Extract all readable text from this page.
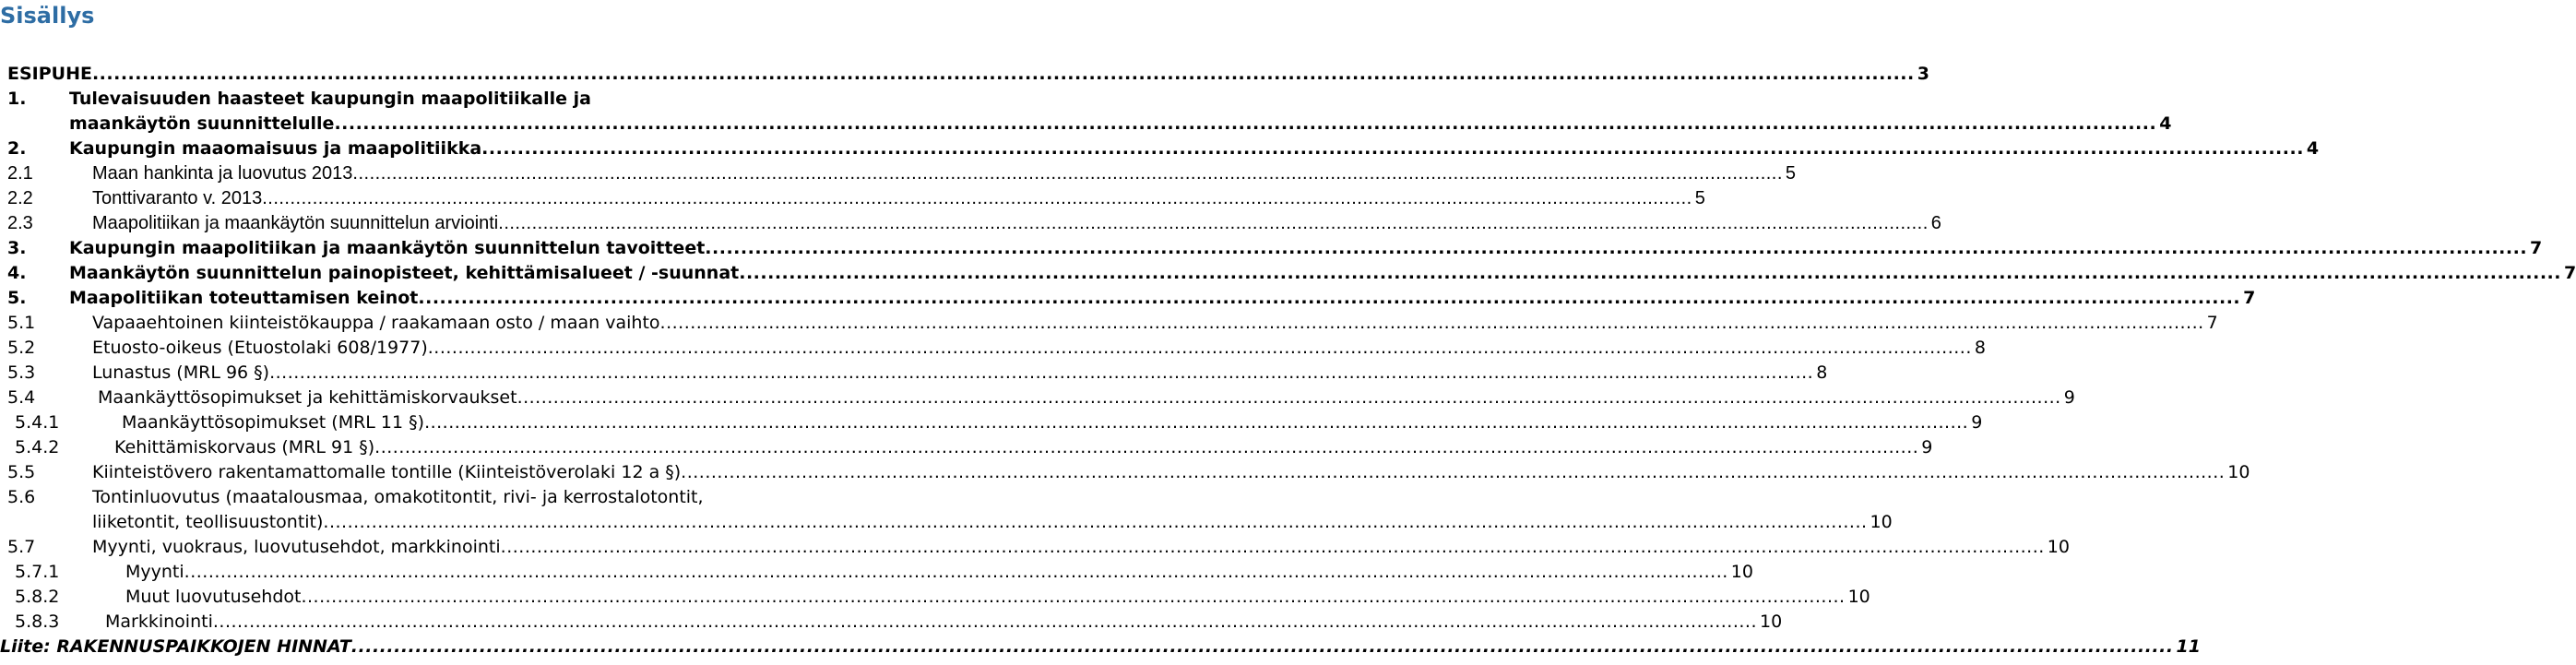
Sisällys
ESIPUHE ................................................................................................................................................................................................................................................................ 3
1. Tulevaisuuden haasteet kaupungin maapolitiikalle ja
maankäytön suunnittelulle ................................................................................................................................................................................................................................................................ 4
2. Kaupungin maaomaisuus ja maapolitiikka ................................................................................................................................................................................................................................................................ 4
2.1	Maan hankinta ja luovutus 2013 ................................................................................................................................................................................................................................................................ 5
2.2	Tonttivaranto v. 2013 ................................................................................................................................................................................................................................................................ 5
2.3	Maapolitiikan ja maankäytön suunnittelun arviointi ................................................................................................................................................................................................................................................................ 6
3. Kaupungin maapolitiikan ja maankäytön suunnittelun tavoitteet ................................................................................................................................................................................................................................................................ 7
4. Maankäytön suunnittelun painopisteet, kehittämisalueet / -suunnat ................................................................................................................................................................................................................................................................ 7
5. Maapolitiikan toteuttamisen keinot ................................................................................................................................................................................................................................................................ 7
5.1	Vapaaehtoinen kiinteistökauppa / raakamaan osto / maan vaihto ................................................................................................................................................................................................................................................................ 7
5.2	Etuosto-oikeus (Etuostolaki 608/1977) ................................................................................................................................................................................................................................................................ 8
5.3	Lunastus (MRL 96 §) ................................................................................................................................................................................................................................................................ 8
5.4	Maankäyttösopimukset ja kehittämiskorvaukset ................................................................................................................................................................................................................................................................ 9
5.4.1	Maankäyttösopimukset (MRL 11 §) ................................................................................................................................................................................................................................................................ 9
5.4.2	Kehittämiskorvaus (MRL 91 §) ................................................................................................................................................................................................................................................................ 9
5.5	Kiinteistövero rakentamattomalle tontille (Kiinteistöverolaki 12 a §) ................................................................................................................................................................................................................................................................ 10
5.6	Tontinluovutus (maatalousmaa, omakotitontit, rivi- ja kerrostalotontit,
liiketontit, teollisuustontit) ................................................................................................................................................................................................................................................................ 10
5.7	Myynti, vuokraus, luovutusehdot, markkinointi ................................................................................................................................................................................................................................................................ 10
5.7.1	Myynti ................................................................................................................................................................................................................................................................ 10
5.8.2	Muut luovutusehdot ................................................................................................................................................................................................................................................................ 10
5.8.3	Markkinointi ................................................................................................................................................................................................................................................................ 10
Liite: RAKENNUSPAIKKOJEN HINNAT ................................................................................................................................................................................................................................................................ 11
